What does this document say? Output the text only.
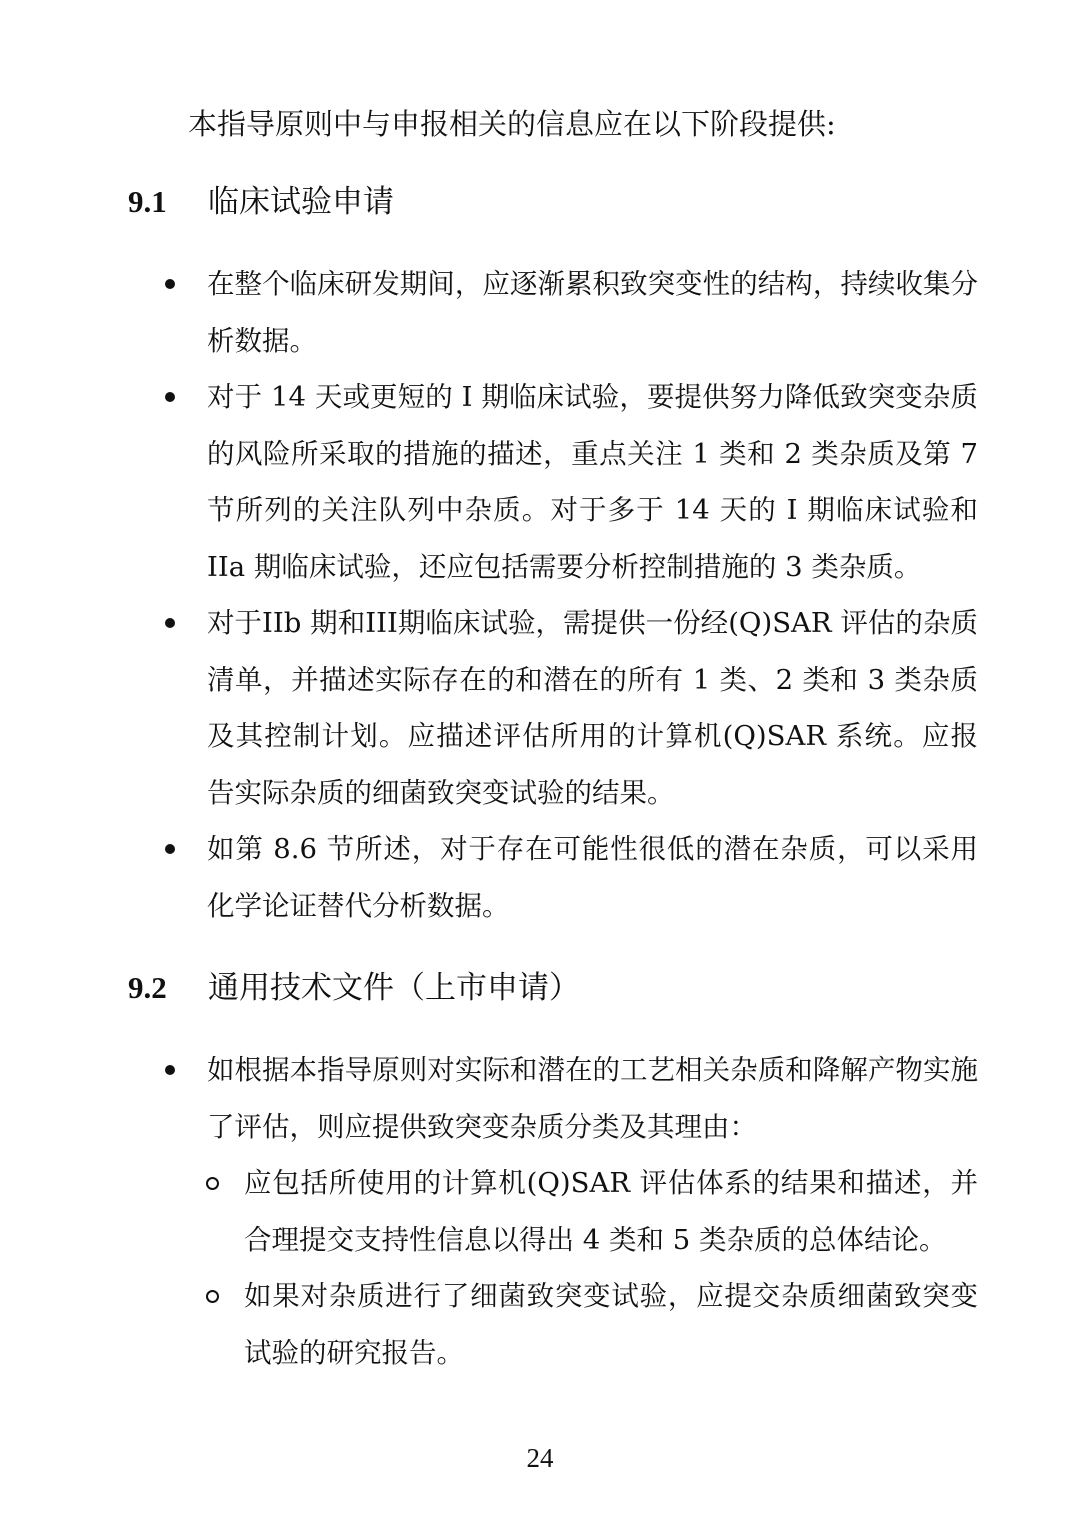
本指导原则中与申报相关的信息应在以下阶段提供:
9.1 临床试验申请
在整个临床研发期间，应逐渐累积致突变性的结构，持续收集分析数据。
对于 14 天或更短的 I 期临床试验，要提供努力降低致突变杂质的风险所采取的措施的描述，重点关注 1 类和 2 类杂质及第 7 节所列的关注队列中杂质。对于多于 14 天的 I 期临床试验和IIa 期临床试验，还应包括需要分析控制措施的 3 类杂质。
对于IIb 期和III期临床试验，需提供一份经(Q)SAR 评估的杂质清单，并描述实际存在的和潜在的所有 1 类、2 类和 3 类杂质及其控制计划。应描述评估所用的计算机(Q)SAR 系统。应报告实际杂质的细菌致突变试验的结果。
如第 8.6 节所述，对于存在可能性很低的潜在杂质，可以采用化学论证替代分析数据。
9.2 通用技术文件（上市申请）
如根据本指导原则对实际和潜在的工艺相关杂质和降解产物实施了评估，则应提供致突变杂质分类及其理由：
应包括所使用的计算机(Q)SAR 评估体系的结果和描述，并合理提交支持性信息以得出 4 类和 5 类杂质的总体结论。
如果对杂质进行了细菌致突变试验，应提交杂质细菌致突变试验的研究报告。
24
